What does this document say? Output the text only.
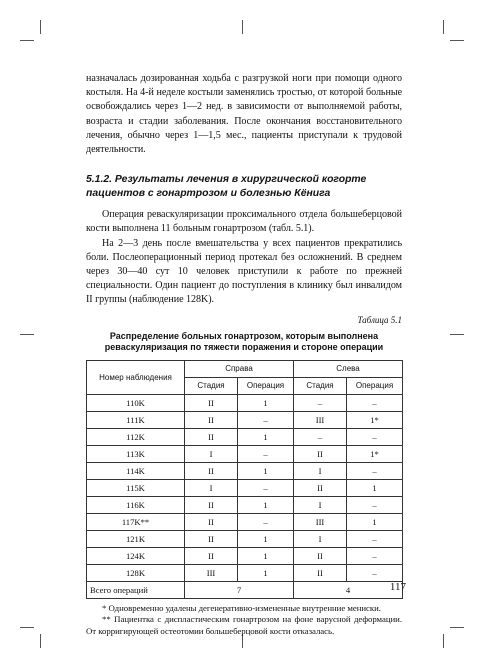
назначалась дозированная ходьба с разгрузкой ноги при помощи одного костыля. На 4-й неделе костыли заменялись тростью, от которой больные освобождались через 1—2 нед. в зависимости от выполняемой работы, возраста и стадии заболевания. После окончания восстановительного лечения, обычно через 1—1,5 мес., пациенты приступали к трудовой деятельности.

5.1.2. Результаты лечения в хирургической когорте пациентов с гонартрозом и болезнью Кёнига

Операция реваскуляризации проксимального отдела большеберцовой кости выполнена 11 больным гонартрозом (табл. 5.1).

На 2—3 день после вмешательства у всех пациентов прекратились боли. Послеоперационный период протекал без осложнений. В среднем через 30—40 сут 10 человек приступили к работе по прежней специальности. Один пациент до поступления в клинику был инвалидом II группы (наблюдение 128K).

Таблица 5.1
Распределение больных гонартрозом, которым выполнена реваскуляризация по тяжести поражения и стороне операции
Номер наблюдения	Справа		Слева	
	Стадия	Операция	Стадия	Операция
110K	II	1	–	–
111K	II	–	III	1*
112K	II	1	–	–
113K	I	–	II	1*
114K	II	1	I	–
115K	I	–	II	1
116K	II	1	I	–
117K**	II	–	III	1
121K	II	1	I	–
124K	II	1	II	–
128K	III	1	II	–
Всего операций	7		4	

* Одновременно удалены дегенеративно-измененные внутренние мениски.

** Пациентка с диспластическим гонартрозом на фоне варусной деформации. От корригирующей остеотомии большеберцовой кости отказалась.

117
